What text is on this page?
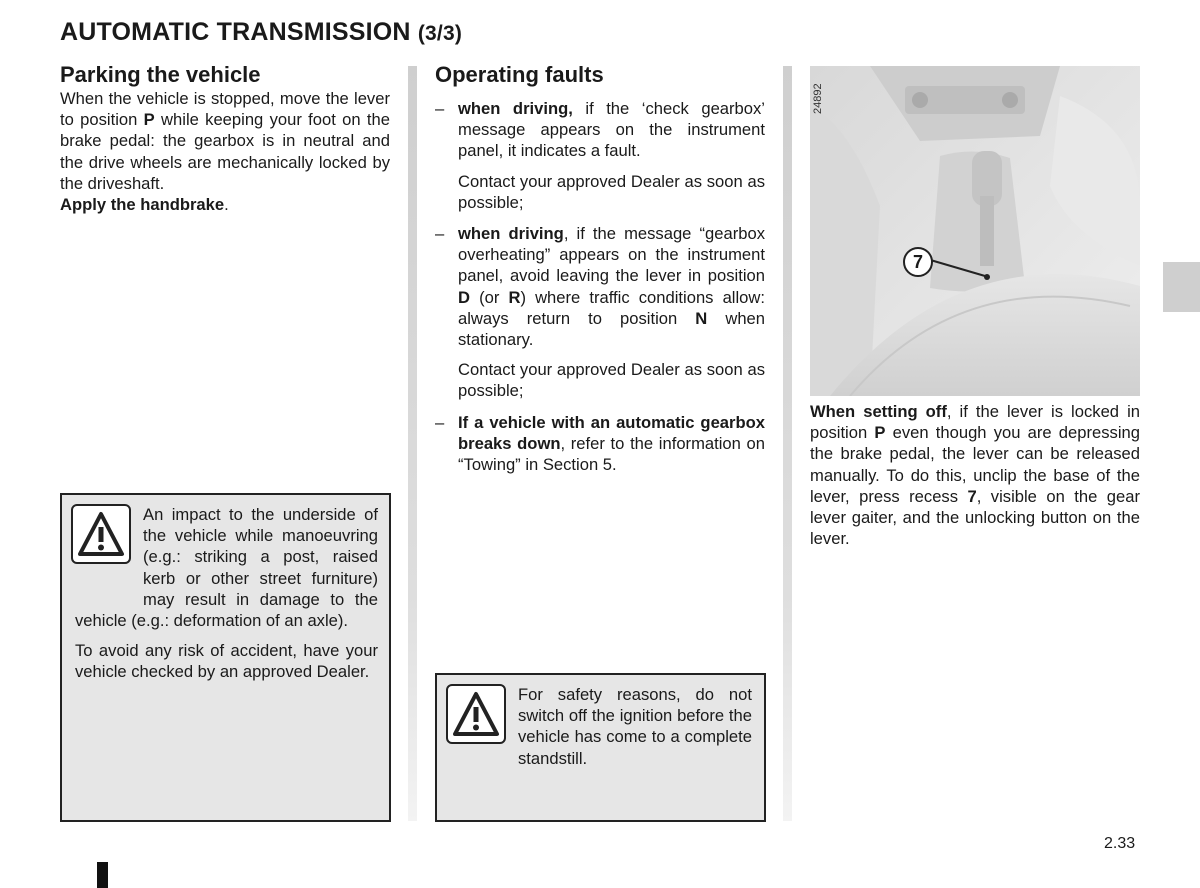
AUTOMATIC TRANSMISSION (3/3)
Parking the vehicle

When the vehicle is stopped, move the lever to position P while keeping your foot on the brake pedal: the gearbox is in neutral and the drive wheels are mechanically locked by the driveshaft.

Apply the handbrake.

An impact to the underside of the vehicle while manoeuvring (e.g.: striking a post, raised kerb or other street furniture) may result in damage to the vehicle (e.g.: deformation of an axle).

To avoid any risk of accident, have your vehicle checked by an approved Dealer.

Operating faults
– when driving, if the ‘check gearbox’ message appears on the instrument panel, it indicates a fault.
Contact your approved Dealer as soon as possible;
– when driving, if the message “gearbox overheating” appears on the instrument panel, avoid leaving the lever in position D (or R) where traffic conditions allow: always return to position N when stationary.
Contact your approved Dealer as soon as possible;
– If a vehicle with an automatic gearbox breaks down, refer to the information on “Towing” in Section 5.
For safety reasons, do not switch off the ignition before the vehicle has come to a complete standstill.
24892
7
When setting off, if the lever is locked in position P even though you are depressing the brake pedal, the lever can be released manually. To do this, unclip the base of the lever, press recess 7, visible on the gear lever gaiter, and the unlocking button on the lever.
2.33
